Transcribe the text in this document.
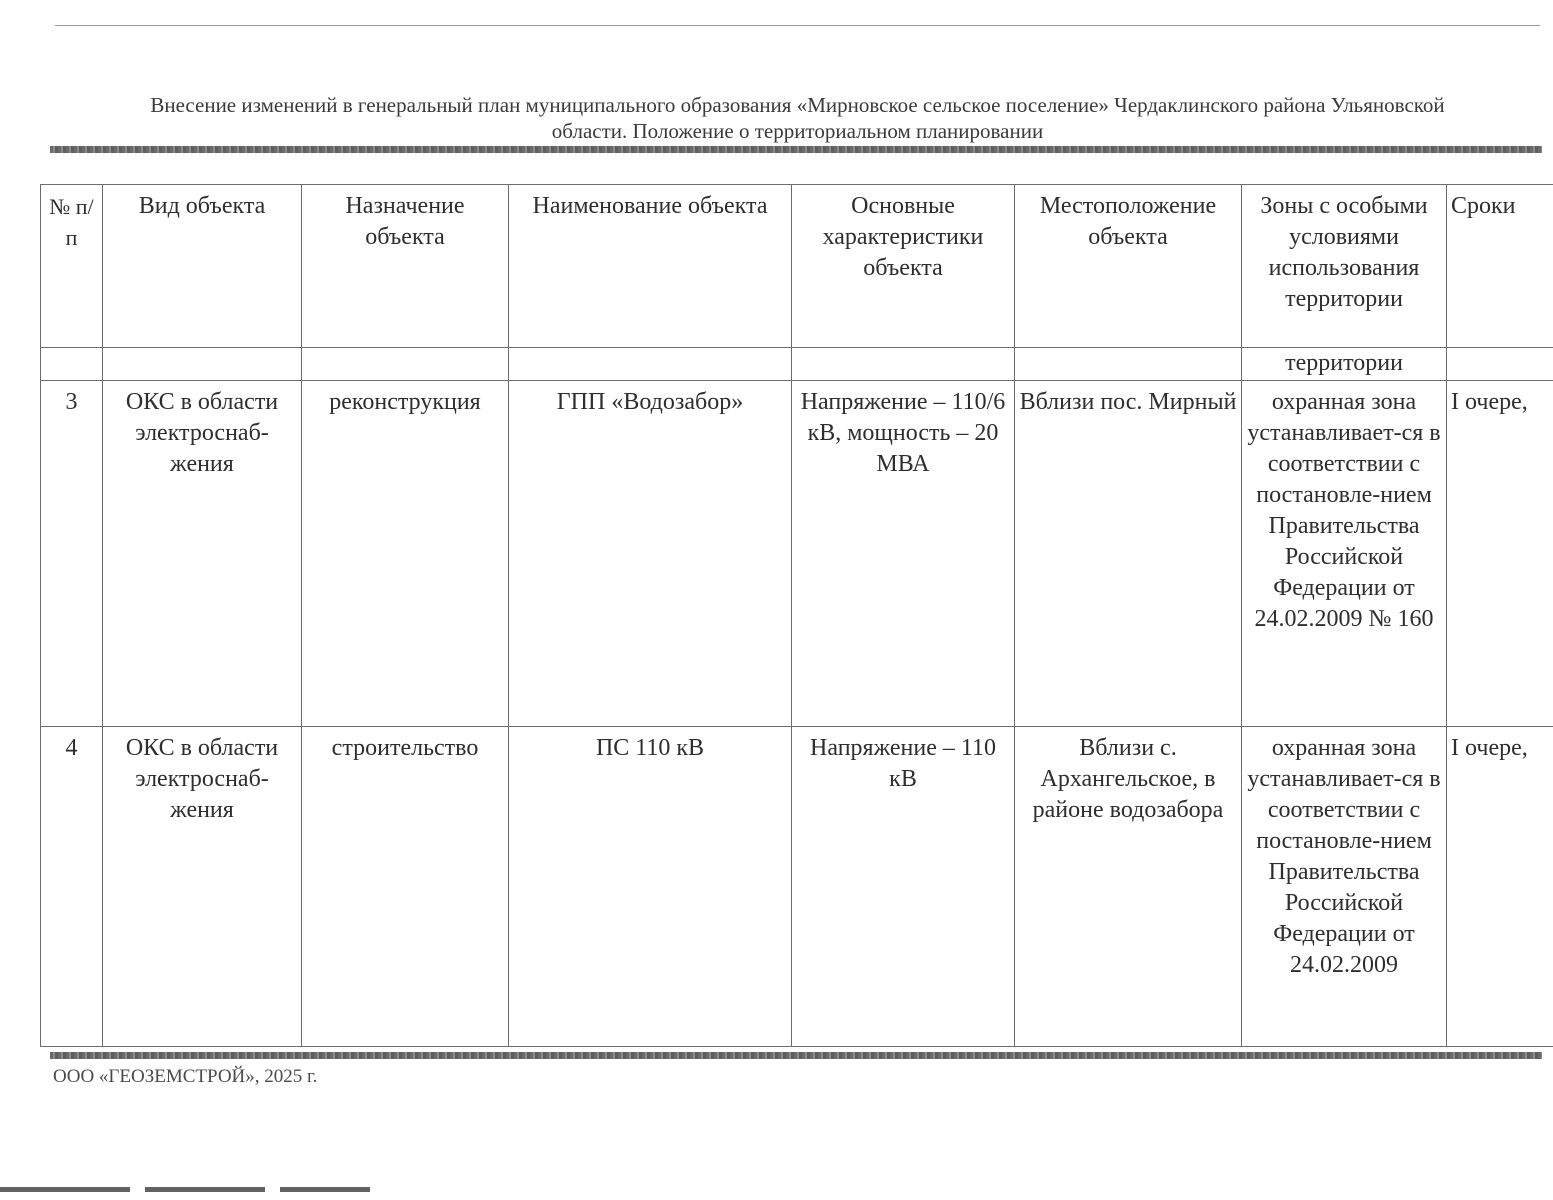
Внесение изменений в генеральный план муниципального образования «Мирновское сельское поселение» Чердаклинского района Ульяновской
области. Положение о территориальном планировании
№ п/п	Вид объекта	Назначение объекта	Наименование объекта	Основные характеристики объекта	Местоположение объекта	Зоны с особыми условиями использования территории	Сроки
						территории	
3	ОКС в области электроснаб-жения	реконструкция	ГПП «Водозабор»	Напряжение – 110/6 кВ, мощность – 20 МВА	Вблизи пос. Мирный	охранная зона устанавливает-ся в соответствии с постановле-нием Правительства Российской Федерации от 24.02.2009 № 160	I очере,
4	ОКС в области электроснаб-жения	строительство	ПС 110 кВ	Напряжение – 110 кВ	Вблизи с. Архангельское, в районе водозабора	охранная зона устанавливает-ся в соответствии с постановле-нием Правительства Российской Федерации от 24.02.2009	I очере,
ООО «ГЕОЗЕМСТРОЙ», 2025 г.
